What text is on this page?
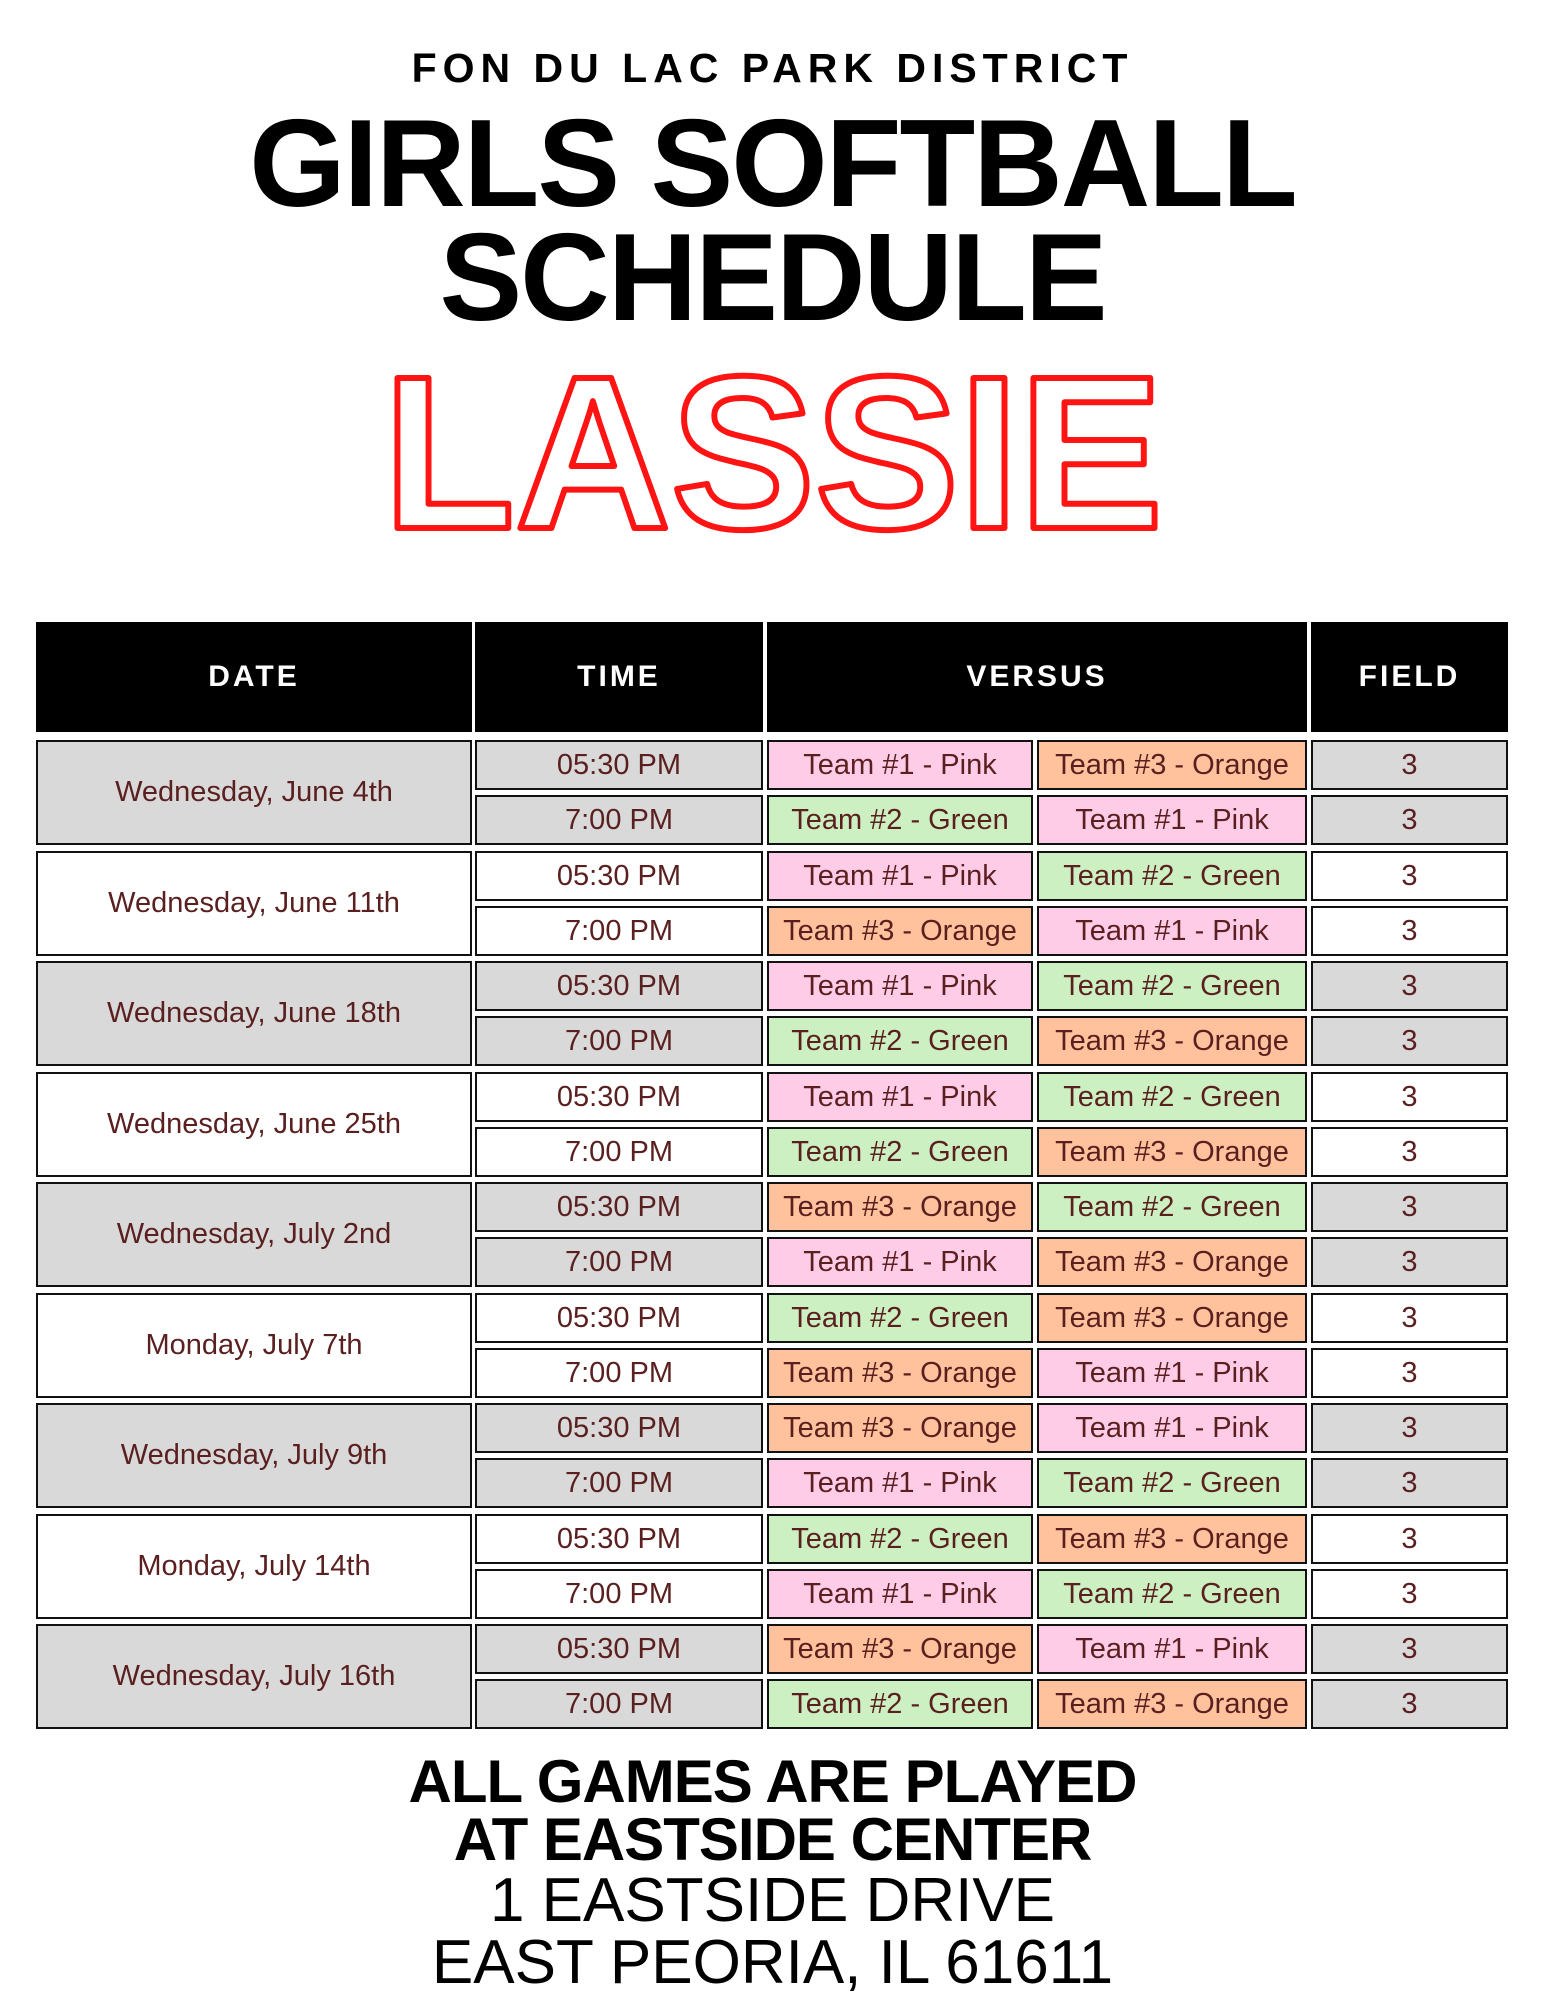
FON DU LAC PARK DISTRICT
GIRLS SOFTBALL
SCHEDULE
LASSIE
DATE	TIME	VERSUS	FIELD
Wednesday, June 4th
05:30 PM	Team #1 - Pink	Team #3 - Orange	3
7:00 PM	Team #2 - Green	Team #1 - Pink	3
Wednesday, June 11th
05:30 PM	Team #1 - Pink	Team #2 - Green	3
7:00 PM	Team #3 - Orange	Team #1 - Pink	3
Wednesday, June 18th
05:30 PM	Team #1 - Pink	Team #2 - Green	3
7:00 PM	Team #2 - Green	Team #3 - Orange	3
Wednesday, June 25th
05:30 PM	Team #1 - Pink	Team #2 - Green	3
7:00 PM	Team #2 - Green	Team #3 - Orange	3
Wednesday, July 2nd
05:30 PM	Team #3 - Orange	Team #2 - Green	3
7:00 PM	Team #1 - Pink	Team #3 - Orange	3
Monday, July 7th
05:30 PM	Team #2 - Green	Team #3 - Orange	3
7:00 PM	Team #3 - Orange	Team #1 - Pink	3
Wednesday, July 9th
05:30 PM	Team #3 - Orange	Team #1 - Pink	3
7:00 PM	Team #1 - Pink	Team #2 - Green	3
Monday, July 14th
05:30 PM	Team #2 - Green	Team #3 - Orange	3
7:00 PM	Team #1 - Pink	Team #2 - Green	3
Wednesday, July 16th
05:30 PM	Team #3 - Orange	Team #1 - Pink	3
7:00 PM	Team #2 - Green	Team #3 - Orange	3
ALL GAMES ARE PLAYED
AT EASTSIDE CENTER
1 EASTSIDE DRIVE
EAST PEORIA, IL 61611
